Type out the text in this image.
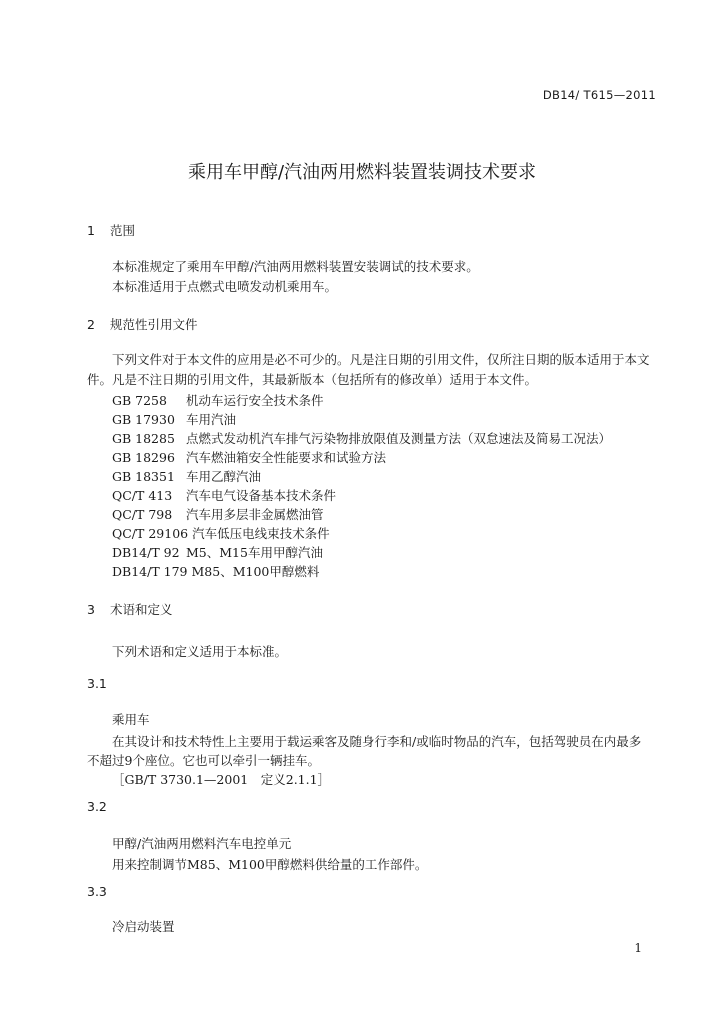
DB14/ T615—2011
乘用车甲醇/汽油两用燃料装置装调技术要求
1 范围
本标准规定了乘用车甲醇/汽油两用燃料装置安装调试的技术要求。
本标准适用于点燃式电喷发动机乘用车。
2 规范性引用文件
下列文件对于本文件的应用是必不可少的。凡是注日期的引用文件，仅所注日期的版本适用于本文
件。凡是不注日期的引用文件，其最新版本（包括所有的修改单）适用于本文件。
GB 7258 机动车运行安全技术条件
GB 17930 车用汽油
GB 18285 点燃式发动机汽车排气污染物排放限值及测量方法（双怠速法及简易工况法）
GB 18296 汽车燃油箱安全性能要求和试验方法
GB 18351 车用乙醇汽油
QC/T 413 汽车电气设备基本技术条件
QC/T 798 汽车用多层非金属燃油管
QC/T 29106 汽车低压电线束技术条件
DB14/T 92 M5、M15车用甲醇汽油
DB14/T 179 M85、M100甲醇燃料
3 术语和定义
下列术语和定义适用于本标准。
3.1
乘用车
在其设计和技术特性上主要用于载运乘客及随身行李和/或临时物品的汽车，包括驾驶员在内最多
不超过9个座位。它也可以牵引一辆挂车。
［GB/T 3730.1—2001　定义2.1.1］
3.2
甲醇/汽油两用燃料汽车电控单元
用来控制调节M85、M100甲醇燃料供给量的工作部件。
3.3
冷启动装置
1
